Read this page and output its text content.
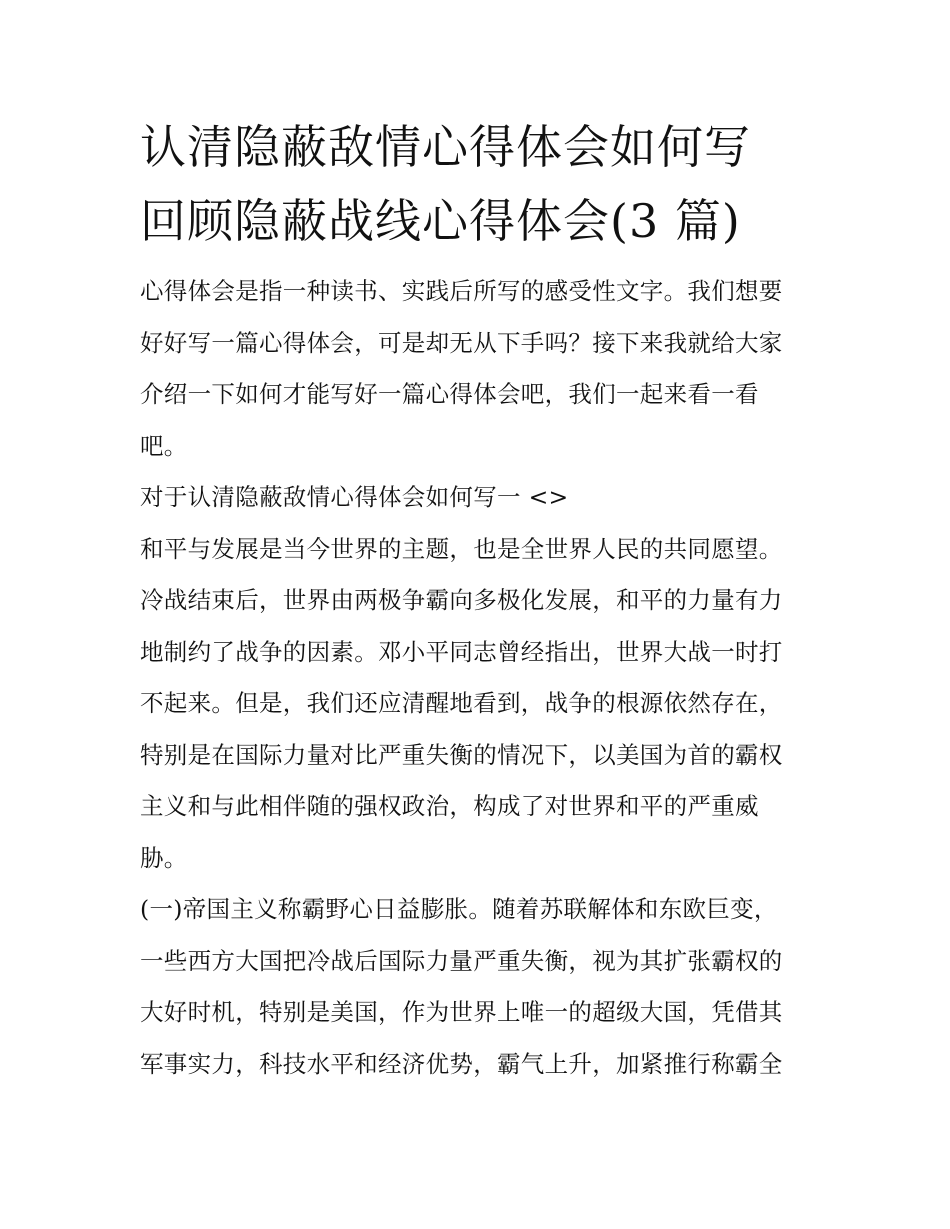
认清隐蔽敌情心得体会如何写
回顾隐蔽战线心得体会(3 篇)

心得体会是指一种读书、实践后所写的感受性文字。我们想要
好好写一篇心得体会，可是却无从下手吗？接下来我就给大家
介绍一下如何才能写好一篇心得体会吧，我们一起来看一看
吧。

对于认清隐蔽敌情心得体会如何写一 <>

和平与发展是当今世界的主题，也是全世界人民的共同愿望。
冷战结束后，世界由两极争霸向多极化发展，和平的力量有力
地制约了战争的因素。邓小平同志曾经指出，世界大战一时打
不起来。但是，我们还应清醒地看到，战争的根源依然存在，
特别是在国际力量对比严重失衡的情况下，以美国为首的霸权
主义和与此相伴随的强权政治，构成了对世界和平的严重威
胁。

(一)帝国主义称霸野心日益膨胀。随着苏联解体和东欧巨变，
一些西方大国把冷战后国际力量严重失衡，视为其扩张霸权的
大好时机，特别是美国，作为世界上唯一的超级大国，凭借其
军事实力，科技水平和经济优势，霸气上升，加紧推行称霸全
